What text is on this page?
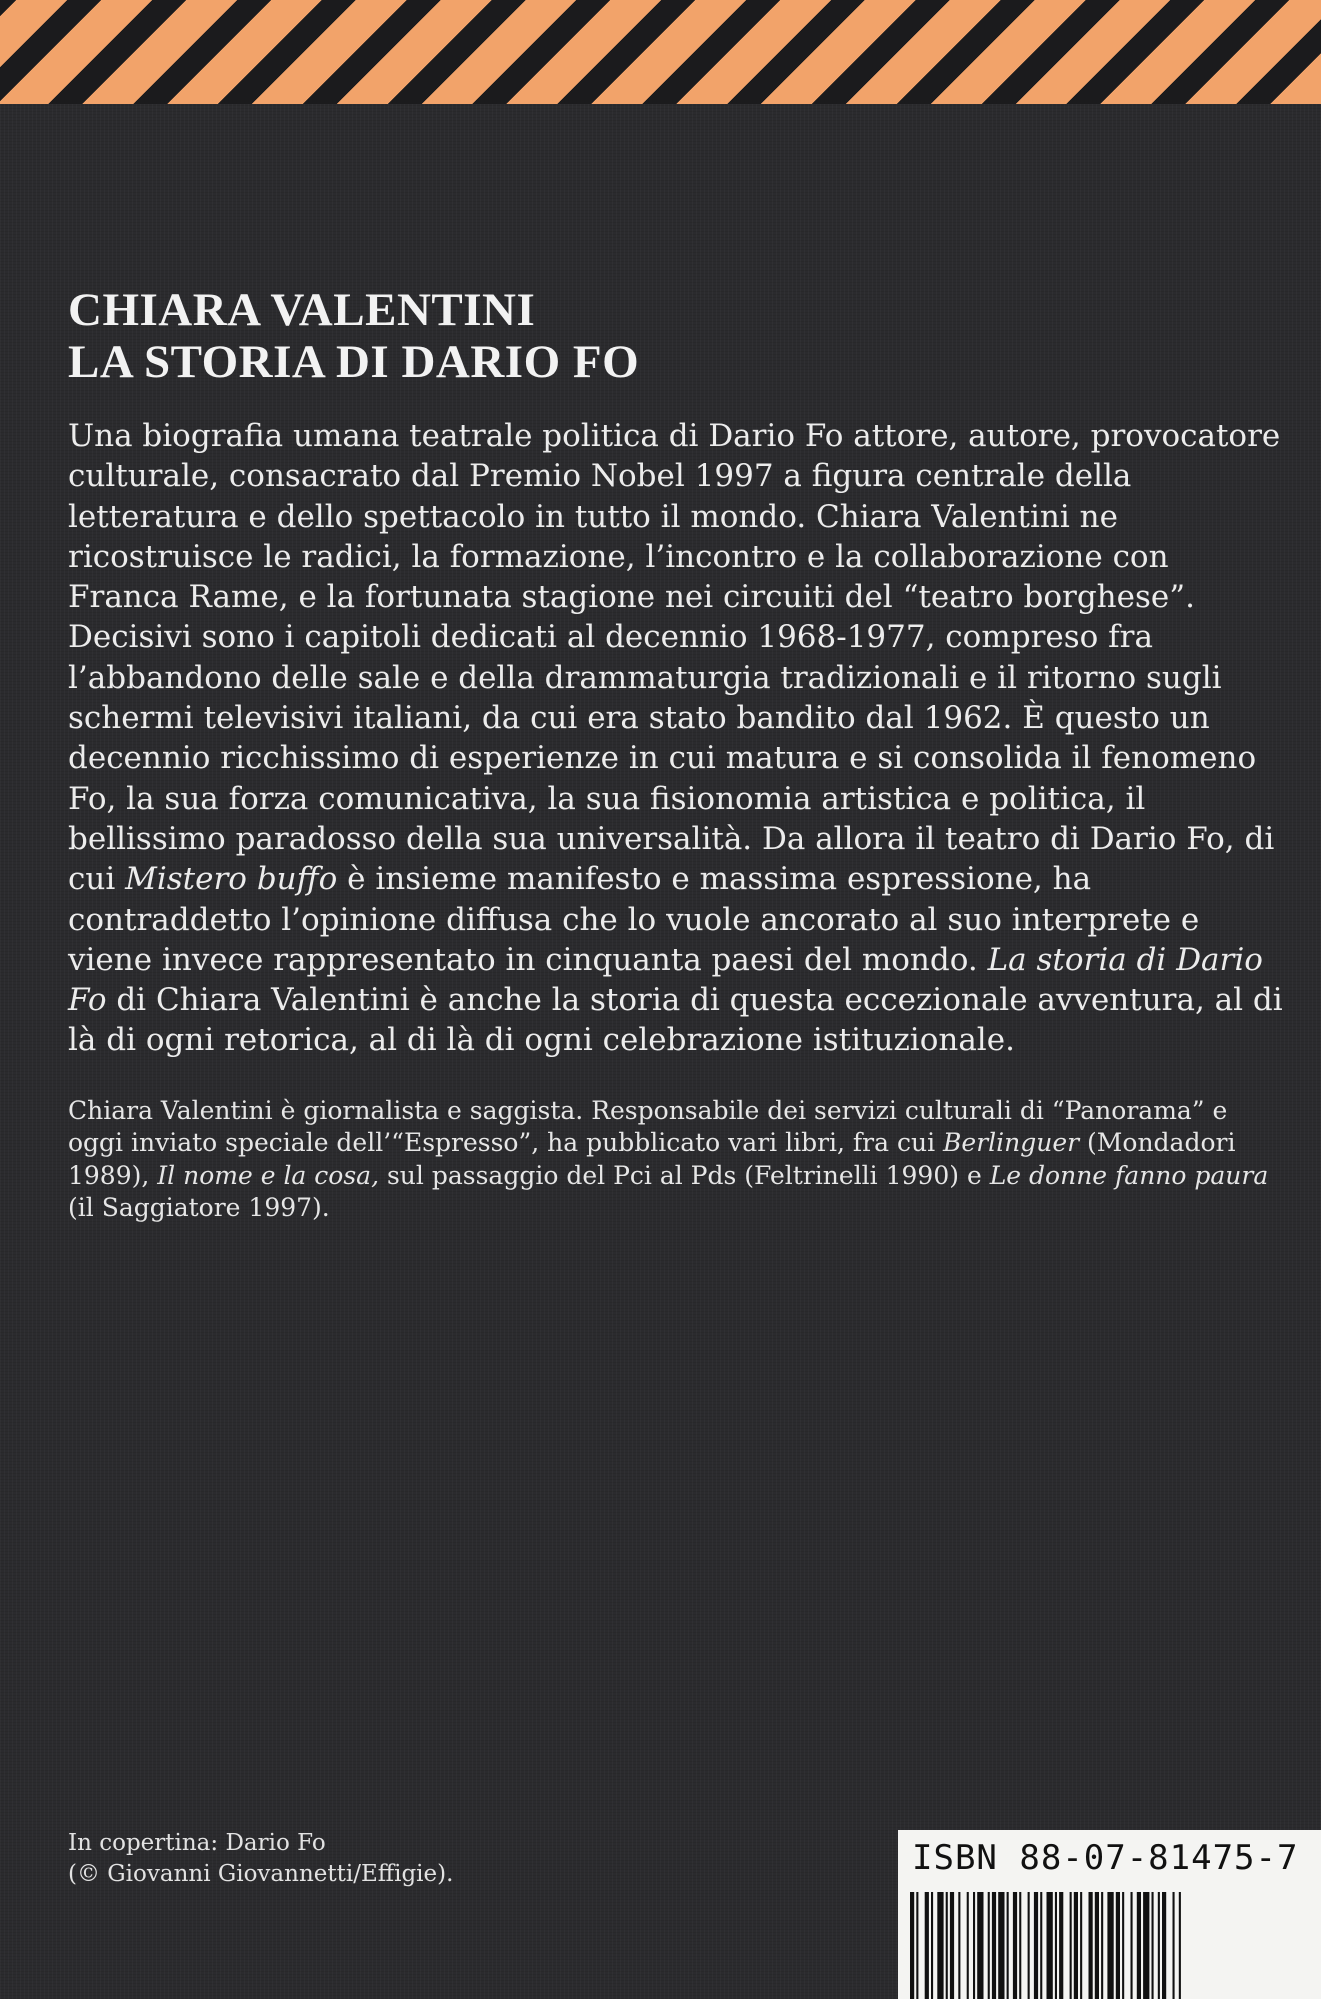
CHIARA VALENTINI
LA STORIA DI DARIO FO

Una biografia umana teatrale politica di Dario Fo attore, autore, provocatore culturale, consacrato dal Premio Nobel 1997 a figura centrale della letteratura e dello spettacolo in tutto il mondo. Chiara Valentini ne ricostruisce le radici, la formazione, l’incontro e la collaborazione con Franca Rame, e la fortunata stagione nei circuiti del “teatro borghese”. Decisivi sono i capitoli dedicati al decennio 1968-1977, compreso fra l’abbandono delle sale e della drammaturgia tradizionali e il ritorno sugli schermi televisivi italiani, da cui era stato bandito dal 1962. È questo un decennio ricchissimo di esperienze in cui matura e si consolida il fenomeno Fo, la sua forza comunicativa, la sua fisionomia artistica e politica, il bellissimo paradosso della sua universalità. Da allora il teatro di Dario Fo, di cui Mistero buffo è insieme manifesto e massima espressione, ha contraddetto l’opinione diffusa che lo vuole ancorato al suo interprete e viene invece rappresentato in cinquanta paesi del mondo. La storia di Dario Fo di Chiara Valentini è anche la storia di questa eccezionale avventura, al di là di ogni retorica, al di là di ogni celebrazione istituzionale.

Chiara Valentini è giornalista e saggista. Responsabile dei servizi culturali di “Panorama” e oggi inviato speciale dell’“Espresso”, ha pubblicato vari libri, fra cui Berlinguer (Mondadori 1989), Il nome e la cosa, sul passaggio del Pci al Pds (Feltrinelli 1990) e Le donne fanno paura (il Saggiatore 1997).
In copertina: Dario Fo
(© Giovanni Giovannetti/Effigie).	ISBN 88-07-81475-7
